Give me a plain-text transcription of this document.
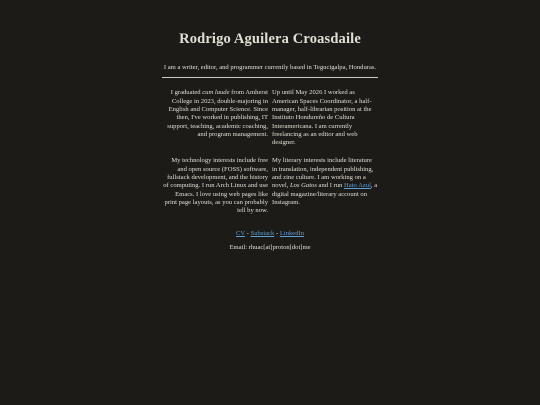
Rodrigo Aguilera Croasdaile

I am a writer, editor, and programmer currently based in Tegucigalpa, Honduras.

I graduated cum laude from Amherst College in 2023, double-majoring in English and Computer Science. Since then, I've worked in publishing, IT support, teaching, academic coaching, and program management.

Up until May 2026 I worked as American Spaces Coordinator, a half-manager, half-librarian position at the Instituto Hondureño de Cultura Interamericana. I am currently freelancing as an editor and web designer.

My technology interests include free and open source (FOSS) software, fullstack development, and the history of computing. I run Arch Linux and use Emacs. I love using web pages like print page layouts, as you can probably tell by now.

My literary interests include literature in translation, independent publishing, and zine culture. I am working on a novel, Los Gatos and I run Hato Azul, a digital magazine/literary account on Instagram.

CV - Substack - LinkedIn
Email: rhuac[at]proton[dot]me
